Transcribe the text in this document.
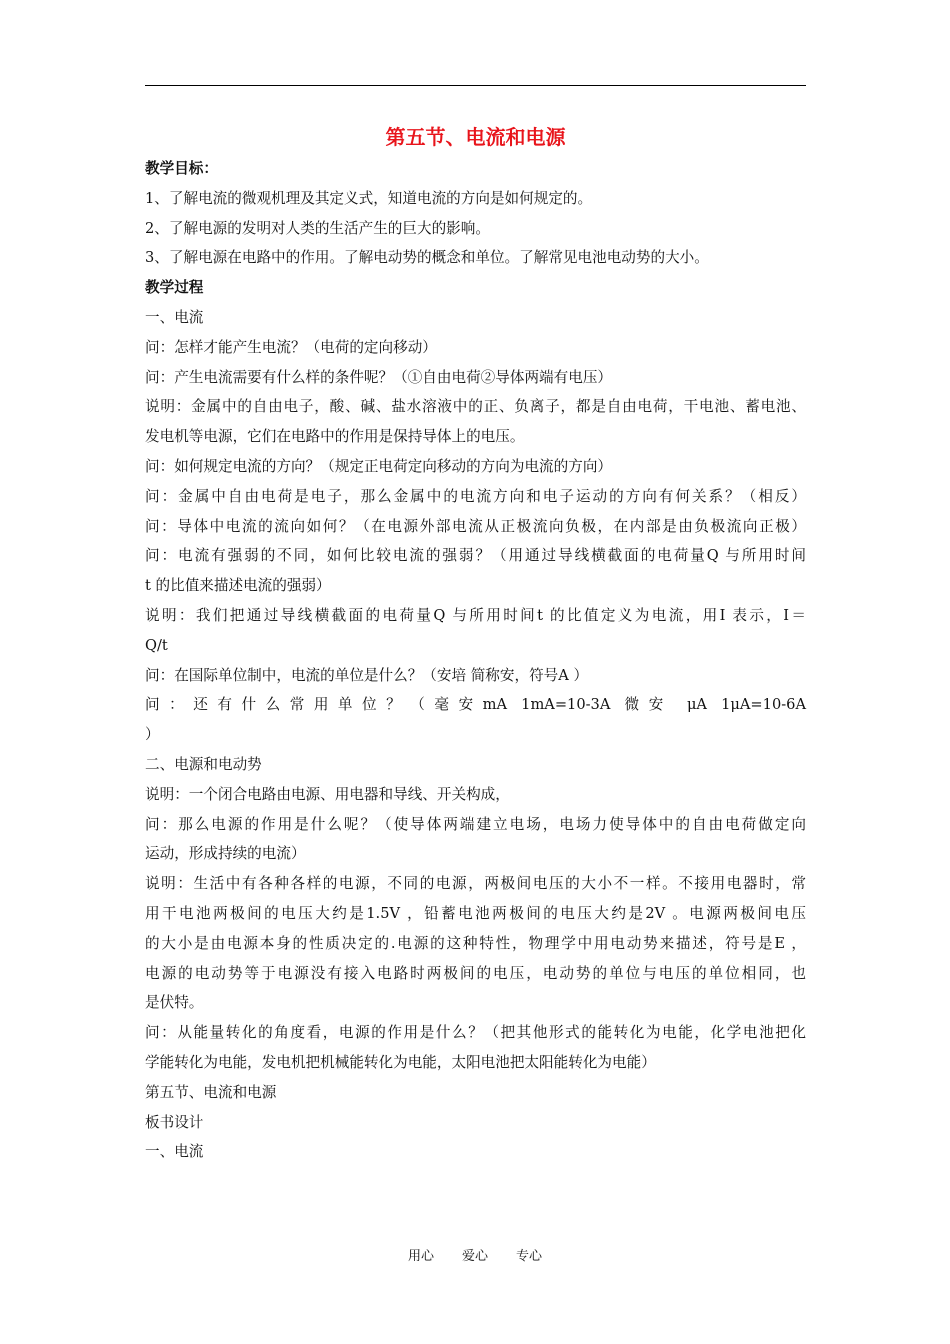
第五节、电流和电源
教学目标：
1、了解电流的微观机理及其定义式，知道电流的方向是如何规定的。
2、了解电源的发明对人类的生活产生的巨大的影响。
3、了解电源在电路中的作用。了解电动势的概念和单位。了解常见电池电动势的大小。
教学过程
一、电流
问：怎样才能产生电流？（电荷的定向移动）
问：产生电流需要有什么样的条件呢？（①自由电荷②导体两端有电压）
说明：金属中的自由电子，酸、碱、盐水溶液中的正、负离子，都是自由电荷，干电池、蓄电池、
发电机等电源，它们在电路中的作用是保持导体上的电压。
问：如何规定电流的方向？（规定正电荷定向移动的方向为电流的方向）
问：金属中自由电荷是电子，那么金属中的电流方向和电子运动的方向有何关系？（相反）
问：导体中电流的流向如何？（在电源外部电流从正极流向负极，在内部是由负极流向正极）
问：电流有强弱的不同，如何比较电流的强弱？（用通过导线横截面的电荷量Q 与所用时间
t 的比值来描述电流的强弱）
说明：我们把通过导线横截面的电荷量Q 与所用时间t 的比值定义为电流，用I 表示，I＝
Q/t
问：在国际单位制中，电流的单位是什么？（安培 简称安，符号A ）
问：还有什么常用单位？（毫安mA 1mA=10-3A 微安 μA 1μA=10-6A
）
二、电源和电动势
说明：一个闭合电路由电源、用电器和导线、开关构成，
问：那么电源的作用是什么呢？（使导体两端建立电场，电场力使导体中的自由电荷做定向
运动，形成持续的电流）
说明：生活中有各种各样的电源，不同的电源，两极间电压的大小不一样。不接用电器时，常
用干电池两极间的电压大约是1.5V ，铅蓄电池两极间的电压大约是2V 。电源两极间电压
的大小是由电源本身的性质决定的.电源的这种特性，物理学中用电动势来描述，符号是E ，
电源的电动势等于电源没有接入电路时两极间的电压，电动势的单位与电压的单位相同，也
是伏特。
问：从能量转化的角度看，电源的作用是什么？（把其他形式的能转化为电能，化学电池把化
学能转化为电能，发电机把机械能转化为电能，太阳电池把太阳能转化为电能）
第五节、电流和电源
板书设计
一、电流
用心 爱心 专心
